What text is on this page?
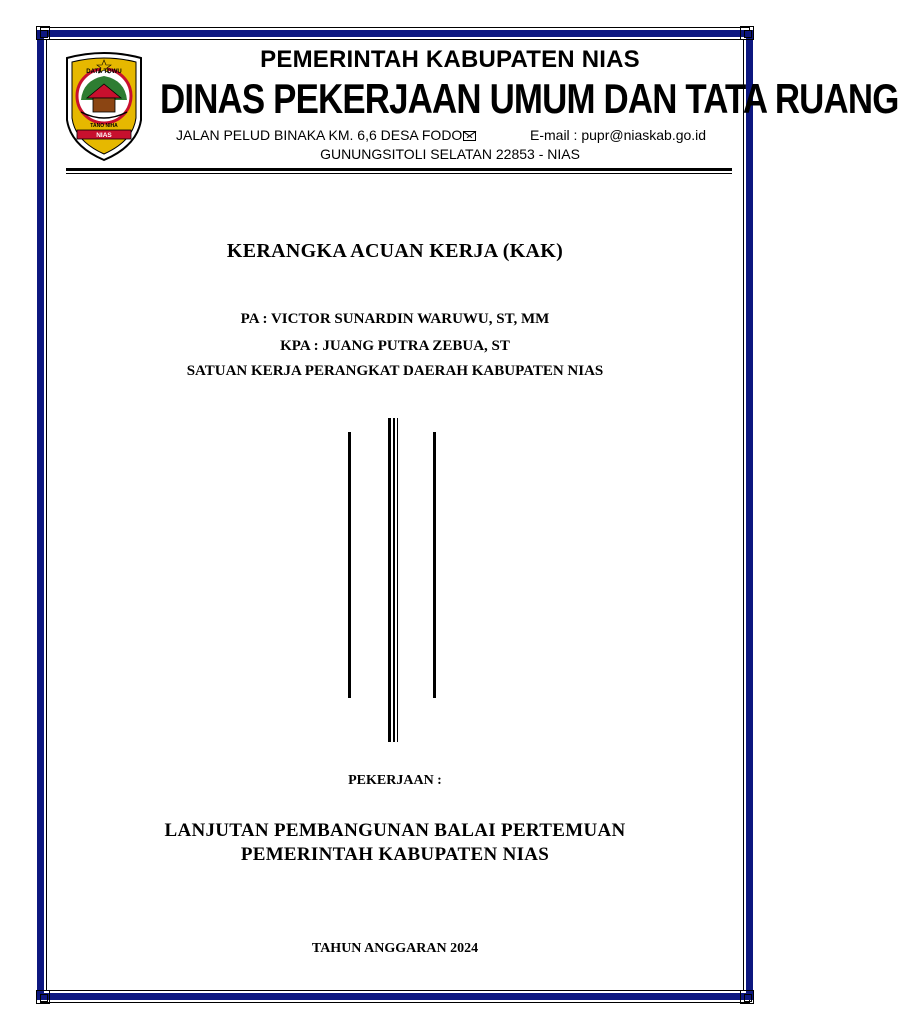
DATA TOWU
TANO NIHA
NIAS
PEMERINTAH KABUPATEN NIAS
DINAS PEKERJAAN UMUM DAN TATA RUANG
JALAN PELUD BINAKA KM. 6,6 DESA FODO	E-mail : pupr@niaskab.go.id
GUNUNGSITOLI SELATAN 22853 - NIAS
KERANGKA ACUAN KERJA (KAK)
PA : VICTOR SUNARDIN WARUWU, ST, MM
KPA : JUANG PUTRA ZEBUA, ST
SATUAN KERJA PERANGKAT DAERAH KABUPATEN NIAS
PEKERJAAN :
LANJUTAN PEMBANGUNAN BALAI PERTEMUAN
PEMERINTAH KABUPATEN NIAS
TAHUN ANGGARAN 2024
